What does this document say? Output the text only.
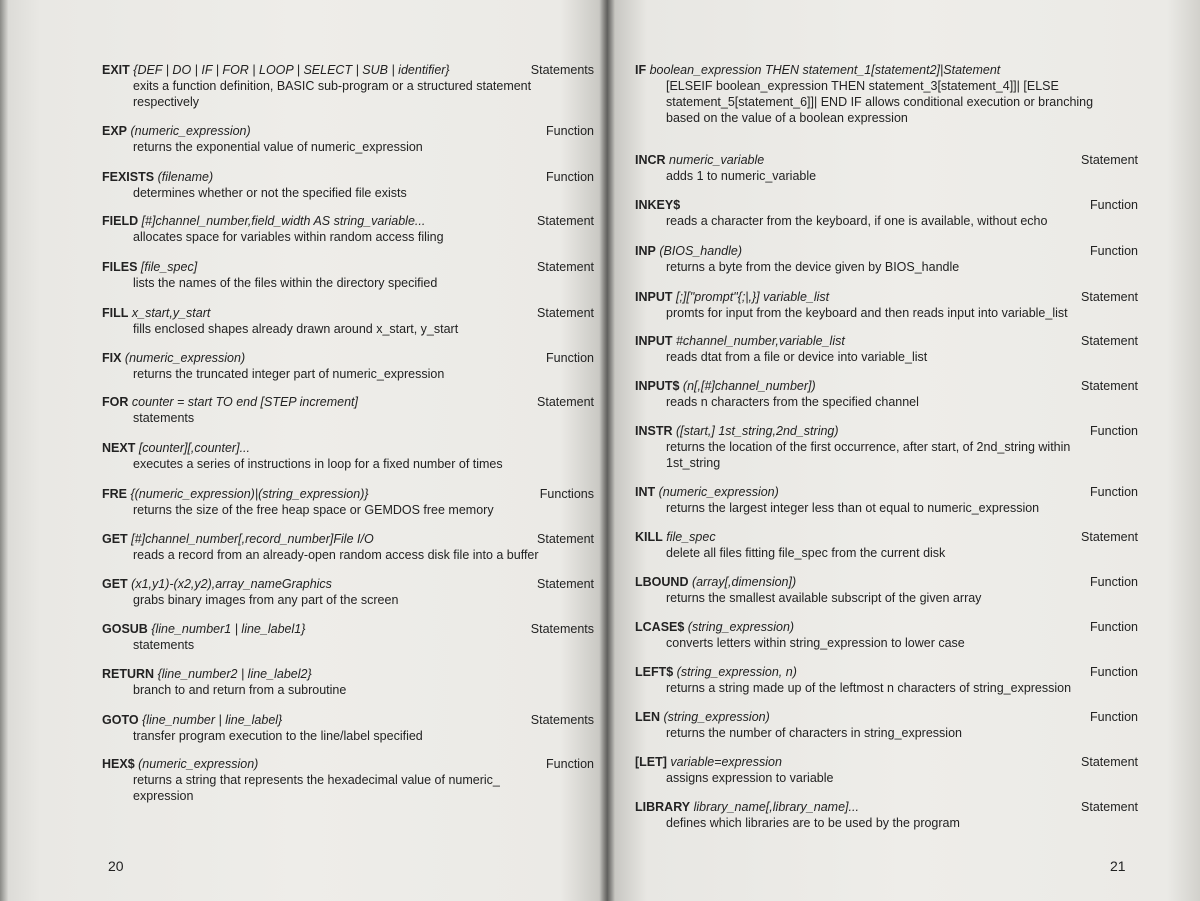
EXIT {DEF | DO | IF | FOR | LOOP | SELECT | SUB | identifier}	Statements
exits a function definition, BASIC sub-program or a structured statement respectively
EXP (numeric_expression)	Function
returns the exponential value of numeric_expression
FEXISTS (filename)	Function
determines whether or not the specified file exists
FIELD [#]channel_number,field_width AS string_variable...	Statement
allocates space for variables within random access filing
FILES [file_spec]	Statement
lists the names of the files within the directory specified
FILL x_start,y_start	Statement
fills enclosed shapes already drawn around x_start, y_start
FIX (numeric_expression)	Function
returns the truncated integer part of numeric_expression
FOR counter = start TO end [STEP increment]	Statement
statements
NEXT [counter][,counter]...
executes a series of instructions in loop for a fixed number of times
FRE {(numeric_expression)|(string_expression)}	Functions
returns the size of the free heap space or GEMDOS free memory
GET [#]channel_number[,record_number]File I/O	Statement
reads a record from an already-open random access disk file into a buffer
GET (x1,y1)-(x2,y2),array_nameGraphics	Statement
grabs binary images from any part of the screen
GOSUB {line_number1 | line_label1}	Statements
statements
RETURN {line_number2 | line_label2}
branch to and return from a subroutine
GOTO {line_number | line_label}	Statements
transfer program execution to the line/label specified
HEX$ (numeric_expression)	Function
returns a string that represents the hexadecimal value of numeric_ expression
20
IF boolean_expression THEN statement_1[statement2]|Statement
[ELSEIF boolean_expression THEN statement_3[statement_4]]| [ELSE statement_5[statement_6]]| END IF allows conditional execution or branching based on the value of a boolean expression
INCR numeric_variable	Statement
adds 1 to numeric_variable
INKEY$	Function
reads a character from the keyboard, if one is available, without echo
INP (BIOS_handle)	Function
returns a byte from the device given by BIOS_handle
INPUT [;]["prompt"{;|,}] variable_list	Statement
promts for input from the keyboard and then reads input into variable_list
INPUT #channel_number,variable_list	Statement
reads dtat from a file or device into variable_list
INPUT$ (n[,[#]channel_number])	Statement
reads n characters from the specified channel
INSTR ([start,] 1st_string,2nd_string)	Function
returns the location of the first occurrence, after start, of 2nd_string within 1st_string
INT (numeric_expression)	Function
returns the largest integer less than ot equal to numeric_expression
KILL file_spec	Statement
delete all files fitting file_spec from the current disk
LBOUND (array[,dimension])	Function
returns the smallest available subscript of the given array
LCASE$ (string_expression)	Function
converts letters within string_expression to lower case
LEFT$ (string_expression, n)	Function
returns a string made up of the leftmost n characters of string_expression
LEN (string_expression)	Function
returns the number of characters in string_expression
[LET] variable=expression	Statement
assigns expression to variable
LIBRARY library_name[,library_name]...	Statement
defines which libraries are to be used by the program
21
